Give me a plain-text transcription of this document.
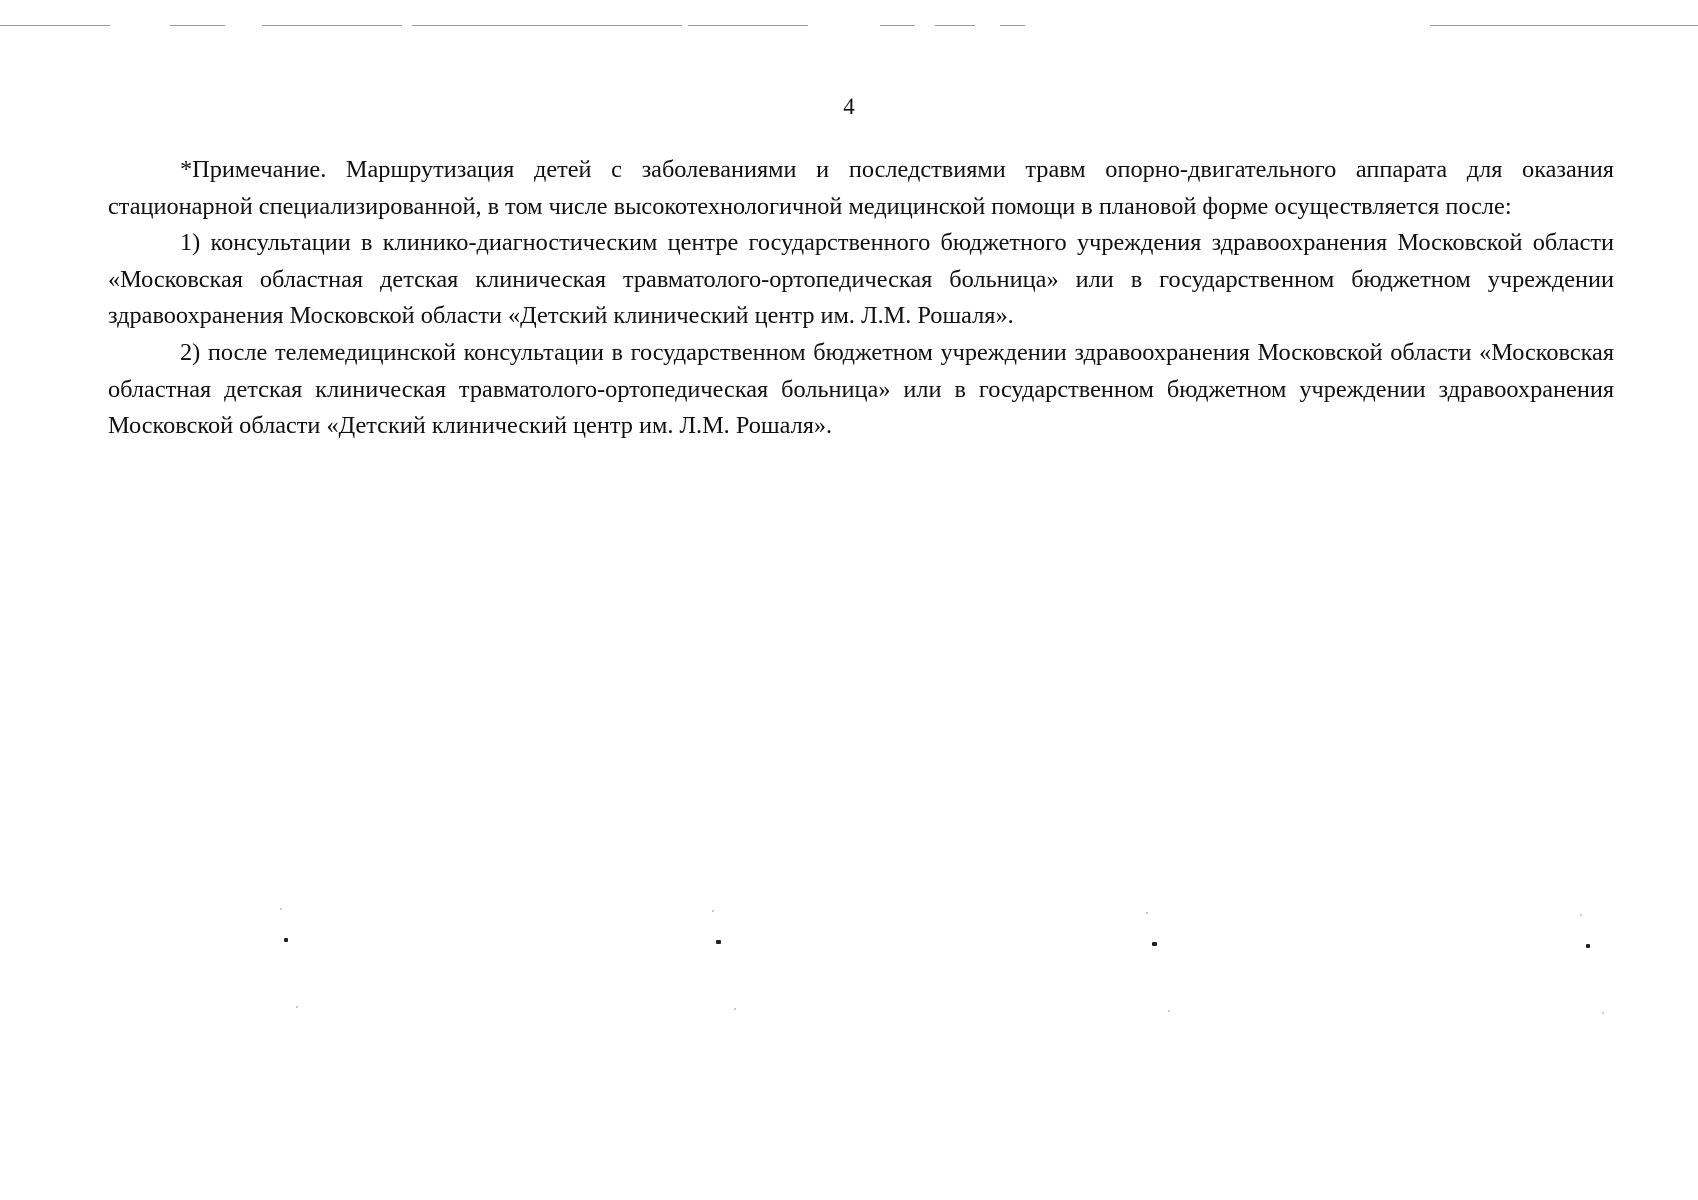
4

*Примечание. Маршрутизация детей с заболеваниями и последствиями травм опорно-двигательного аппарата для оказания стационарной специализированной, в том числе высокотехнологичной медицинской помощи в плановой форме осуществляется после:

1) консультации в клинико-диагностическим центре государственного бюджетного учреждения здравоохранения Московской области «Московская областная детская клиническая травматолого-ортопедическая больница» или в государственном бюджетном учреждении здравоохранения Московской области «Детский клинический центр им. Л.М. Рошаля».

2) после телемедицинской консультации в государственном бюджетном учреждении здравоохранения Московской области «Московская областная детская клиническая травматолого-ортопедическая больница» или в государственном бюджетном учреждении здравоохранения Московской области «Детский клинический центр им. Л.М. Рошаля».
